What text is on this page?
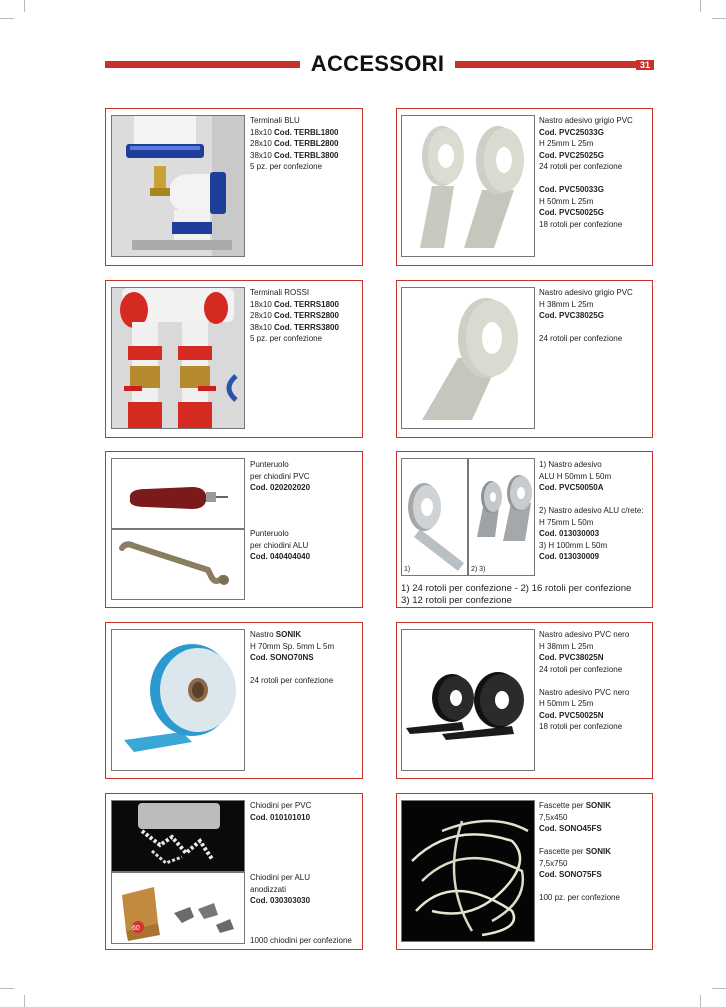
ACCESSORI	31
Terminali BLU
18x10 Cod. TERBL1800
28x10 Cod. TERBL2800
38x10 Cod. TERBL3800
5 pz. per confezione
Nastro adesivo grigio PVC
Cod. PVC25033G
H 25mm L 25m
Cod. PVC25025G
24 rotoli per confezione
Cod. PVC50033G
H 50mm L 25m
Cod. PVC50025G
18 rotoli per confezione
Terminali ROSSI
18x10 Cod. TERRS1800
28x10 Cod. TERRS2800
38x10 Cod. TERRS3800
5 pz. per confezione
Nastro adesivo grigio PVC
H 38mm L 25m
Cod. PVC38025G
24 rotoli per confezione
Punteruolo
per chiodini PVC
Cod. 020202020
Punteruolo
per chiodini ALU
Cod. 040404040
1)	2) 3)
1) Nastro adesivo
ALU H 50mm L 50m
Cod. PVC50050A
2) Nastro adesivo ALU c/rete:
H 75mm L 50m
Cod. 013030003
3) H 100mm L 50m
Cod. 013030009
1) 24 rotoli per confezione - 2) 16 rotoli per confezione
3) 12 rotoli per confezione
Nastro SONIK
H 70mm Sp. 5mm L 5m
Cod. SONO70NS
24 rotoli per confezione
Nastro adesivo PVC nero
H 38mm L 25m
Cod. PVC38025N
24 rotoli per confezione
Nastro adesivo PVC nero
H 50mm L 25m
Cod. PVC50025N
18 rotoli per confezione
60
Chiodini per PVC
Cod. 010101010
Chiodini per ALU
anodizzati
Cod. 030303030
1000 chiodini per confezione
Fascette per SONIK
7,5x450
Cod. SONO45FS
Fascette per SONIK
7,5x750
Cod. SONO75FS
100 pz. per confezione
